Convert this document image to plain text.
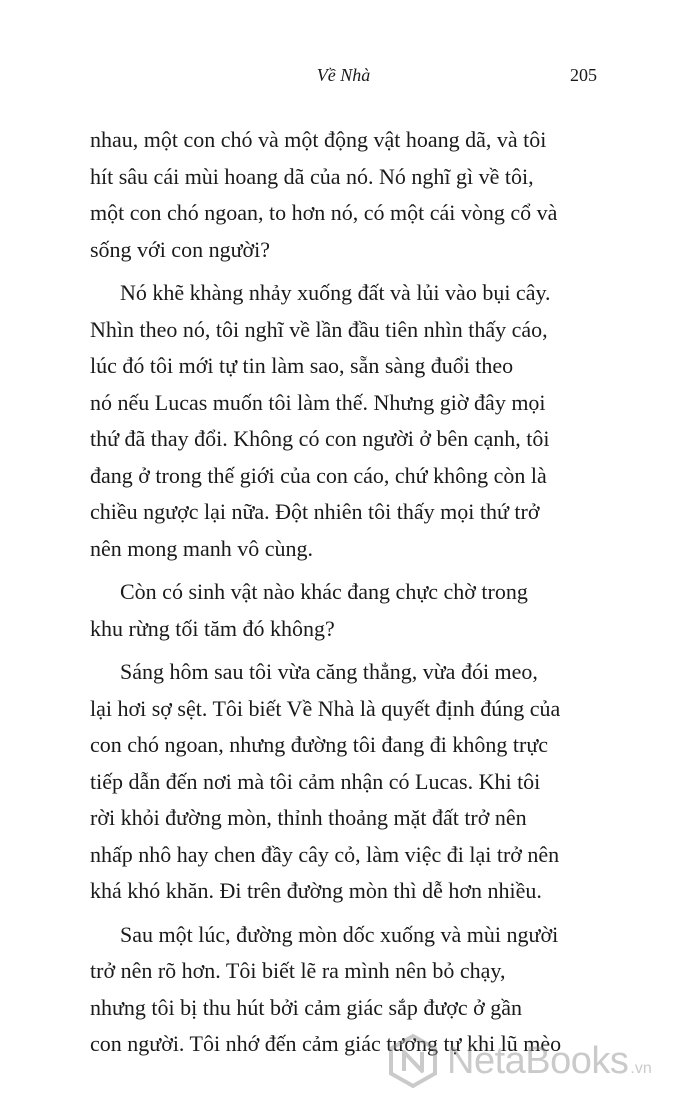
Về Nhà	205

nhau, một con chó và một động vật hoang dã, và tôi
hít sâu cái mùi hoang dã của nó. Nó nghĩ gì về tôi,
một con chó ngoan, to hơn nó, có một cái vòng cổ và
sống với con người?

Nó khẽ khàng nhảy xuống đất và lủi vào bụi cây.
Nhìn theo nó, tôi nghĩ về lần đầu tiên nhìn thấy cáo,
lúc đó tôi mới tự tin làm sao, sẵn sàng đuổi theo
nó nếu Lucas muốn tôi làm thế. Nhưng giờ đây mọi
thứ đã thay đổi. Không có con người ở bên cạnh, tôi
đang ở trong thế giới của con cáo, chứ không còn là
chiều ngược lại nữa. Đột nhiên tôi thấy mọi thứ trở
nên mong manh vô cùng.

Còn có sinh vật nào khác đang chực chờ trong
khu rừng tối tăm đó không?

Sáng hôm sau tôi vừa căng thẳng, vừa đói meo,
lại hơi sợ sệt. Tôi biết Về Nhà là quyết định đúng của
con chó ngoan, nhưng đường tôi đang đi không trực
tiếp dẫn đến nơi mà tôi cảm nhận có Lucas. Khi tôi
rời khỏi đường mòn, thỉnh thoảng mặt đất trở nên
nhấp nhô hay chen đầy cây cỏ, làm việc đi lại trở nên
khá khó khăn. Đi trên đường mòn thì dễ hơn nhiều.

Sau một lúc, đường mòn dốc xuống và mùi người
trở nên rõ hơn. Tôi biết lẽ ra mình nên bỏ chạy,
nhưng tôi bị thu hút bởi cảm giác sắp được ở gần
con người. Tôi nhớ đến cảm giác tương tự khi lũ mèo

NetaBooks .vn
